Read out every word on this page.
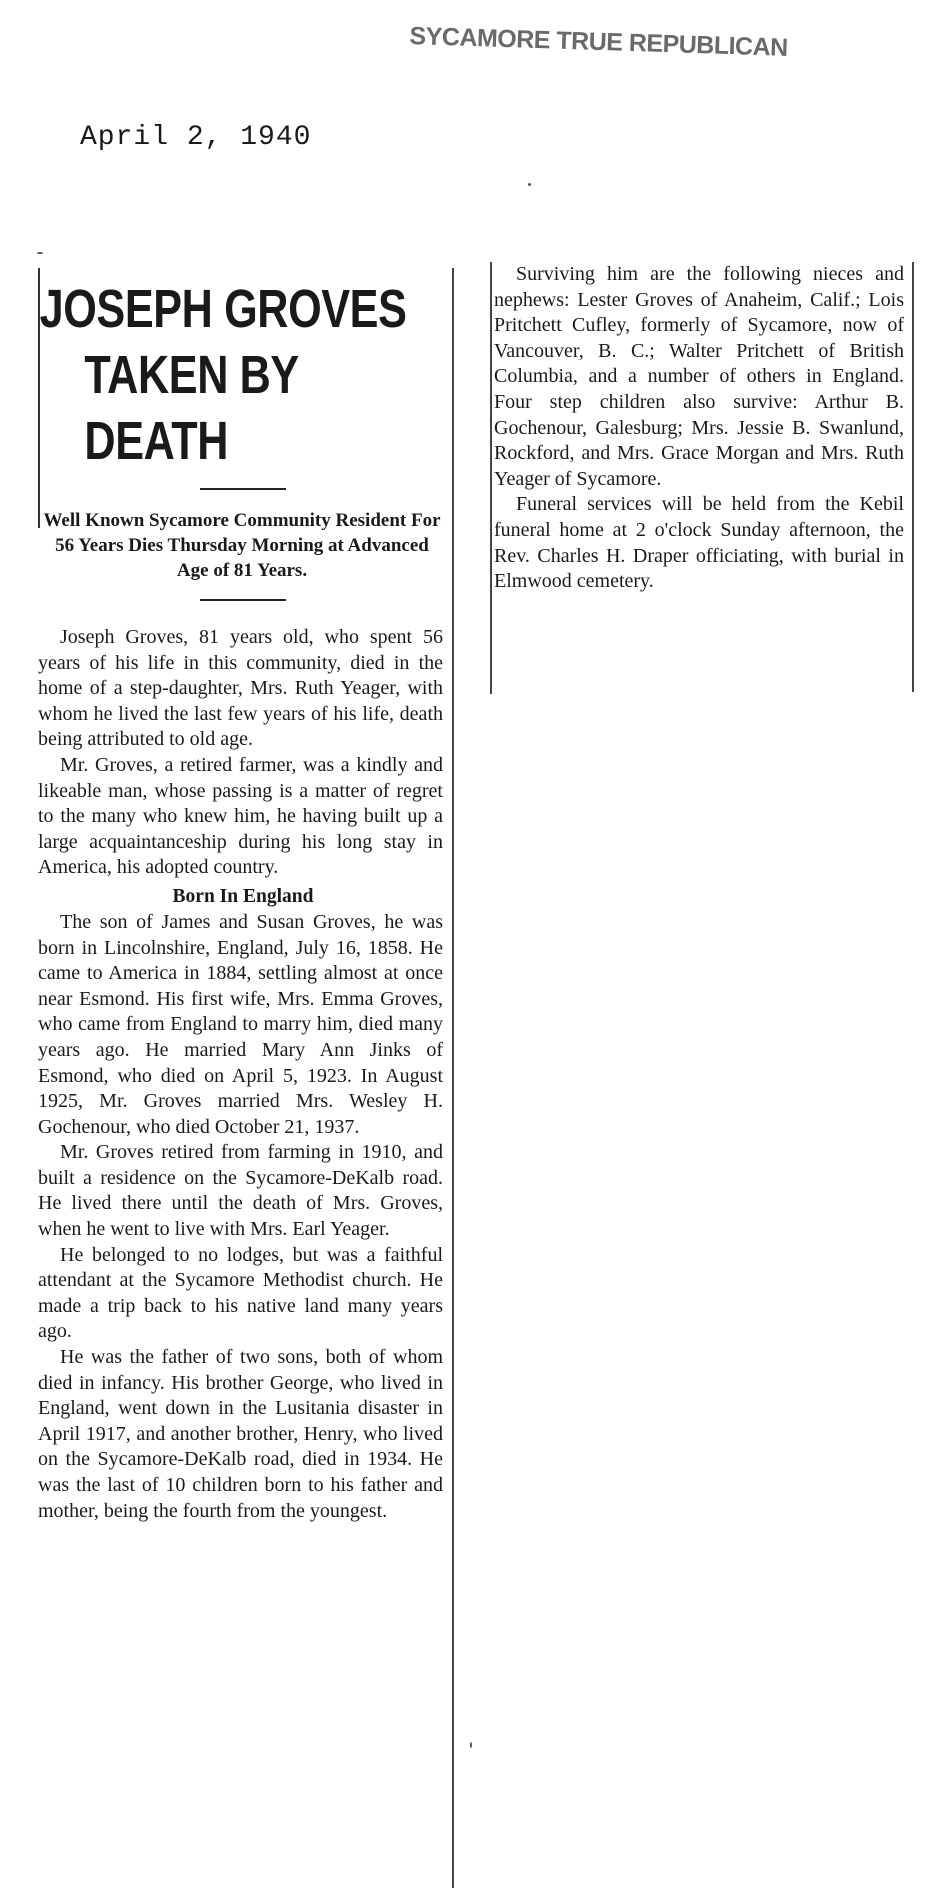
SYCAMORE TRUE REPUBLICAN
April 2, 1940
JOSEPH GROVES
TAKEN BY DEATH
Well Known Sycamore Community Resident For 56 Years Dies Thursday Morning at Advanced Age of 81 Years.

Joseph Groves, 81 years old, who spent 56 years of his life in this community, died in the home of a step-daughter, Mrs. Ruth Yeager, with whom he lived the last few years of his life, death being attributed to old age.

Mr. Groves, a retired farmer, was a kindly and likeable man, whose passing is a matter of regret to the many who knew him, he having built up a large acquaintanceship during his long stay in America, his adopted country.

Born In England

The son of James and Susan Groves, he was born in Lincolnshire, England, July 16, 1858. He came to America in 1884, settling almost at once near Esmond. His first wife, Mrs. Emma Groves, who came from England to marry him, died many years ago. He married Mary Ann Jinks of Esmond, who died on April 5, 1923. In August 1925, Mr. Groves married Mrs. Wesley H. Gochenour, who died October 21, 1937.

Mr. Groves retired from farming in 1910, and built a residence on the Sycamore-DeKalb road. He lived there until the death of Mrs. Groves, when he went to live with Mrs. Earl Yeager.

He belonged to no lodges, but was a faithful attendant at the Sycamore Methodist church. He made a trip back to his native land many years ago.

He was the father of two sons, both of whom died in infancy. His brother George, who lived in England, went down in the Lusitania disaster in April 1917, and another brother, Henry, who lived on the Sycamore-DeKalb road, died in 1934. He was the last of 10 children born to his father and mother, being the fourth from the youngest.

Surviving him are the following nieces and nephews: Lester Groves of Anaheim, Calif.; Lois Pritchett Cufley, formerly of Sycamore, now of Vancouver, B. C.; Walter Pritchett of British Columbia, and a number of others in England. Four step children also survive: Arthur B. Gochenour, Galesburg; Mrs. Jessie B. Swanlund, Rockford, and Mrs. Grace Morgan and Mrs. Ruth Yeager of Sycamore.

Funeral services will be held from the Kebil funeral home at 2 o'clock Sunday afternoon, the Rev. Charles H. Draper officiating, with burial in Elmwood cemetery.
